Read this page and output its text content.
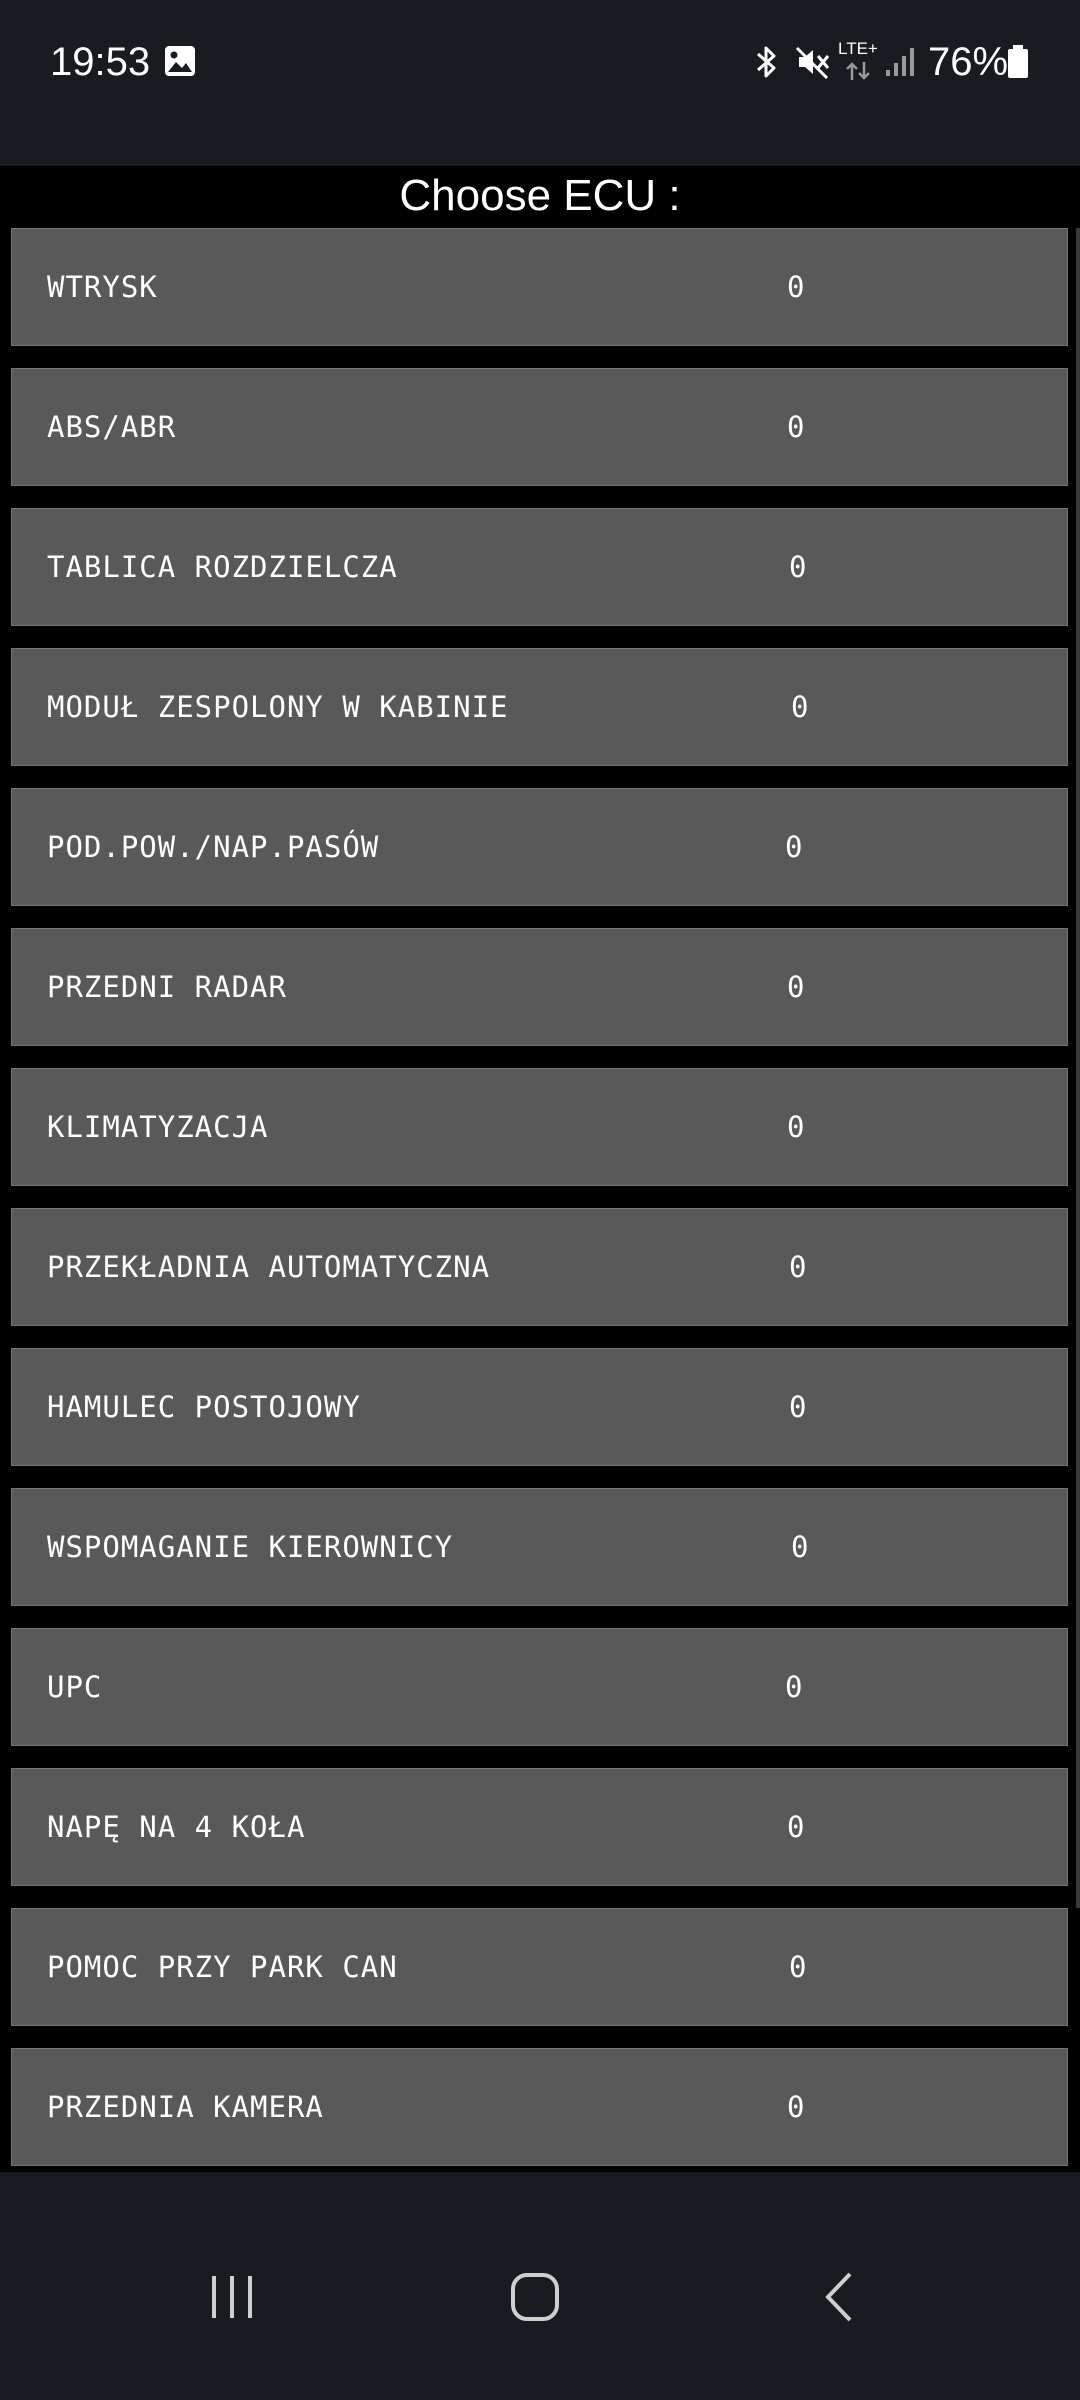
19:53	LTE+ 76%
Choose ECU :
WTRYSK	0
ABS/ABR	0
TABLICA ROZDZIELCZA	0
MODUŁ ZESPOLONY W KABINIE	0
POD.POW./NAP.PASÓW	0
PRZEDNI RADAR	0
KLIMATYZACJA	0
PRZEKŁADNIA AUTOMATYCZNA	0
HAMULEC POSTOJOWY	0
WSPOMAGANIE KIEROWNICY	0
UPC	0
NAPĘ NA 4 KOŁA	0
POMOC PRZY PARK CAN	0
PRZEDNIA KAMERA	0
